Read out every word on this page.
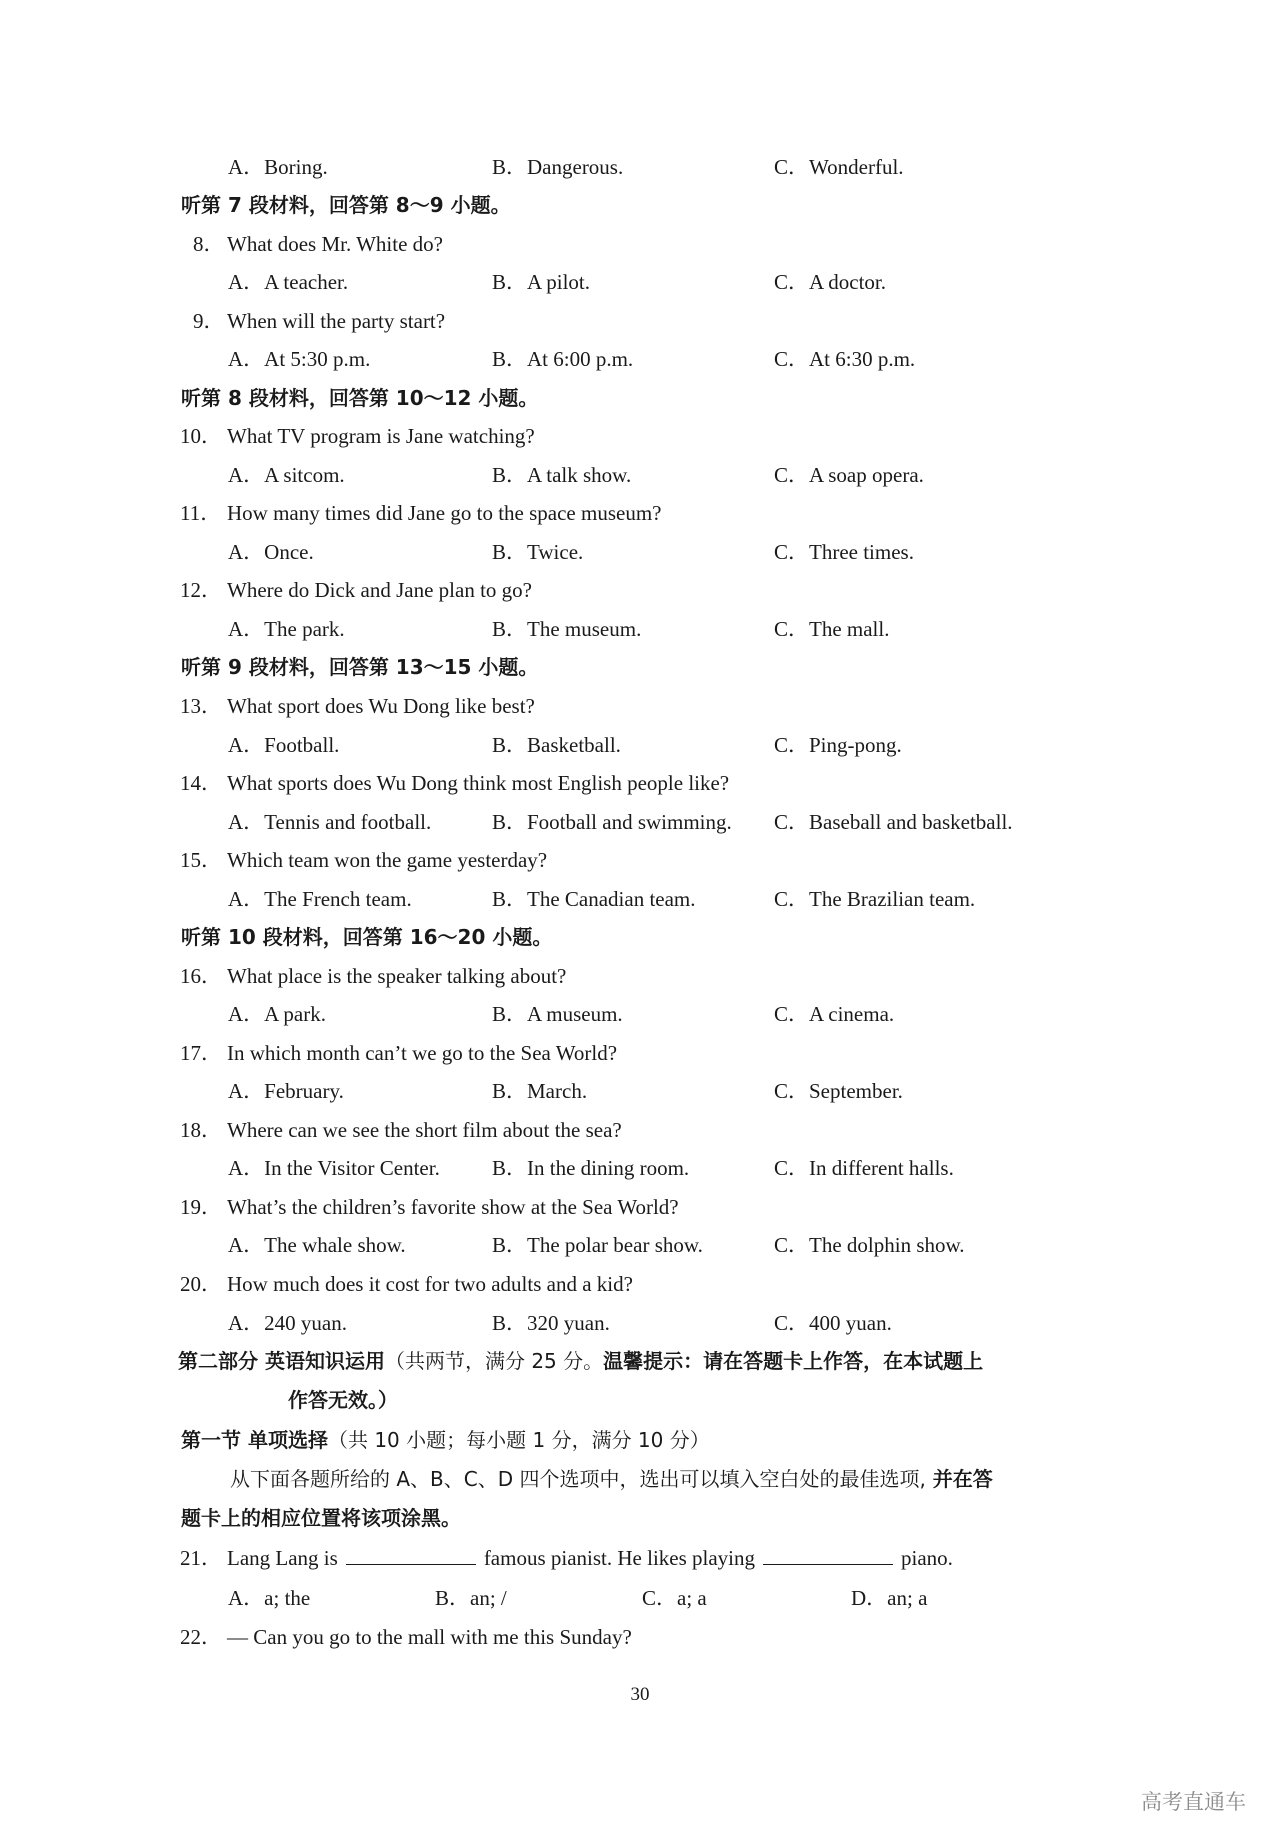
A．Boring.	B．Dangerous.	C．Wonderful.
听第 7 段材料，回答第 8～9 小题。
8． What does Mr. White do?
A．A teacher.	B．A pilot.	C．A doctor.
9． When will the party start?
A．At 5:30 p.m.	B．At 6:00 p.m.	C．At 6:30 p.m.
听第 8 段材料，回答第 10～12 小题。
10． What TV program is Jane watching?
A．A sitcom.	B．A talk show.	C．A soap opera.
11． How many times did Jane go to the space museum?
A．Once.	B．Twice.	C．Three times.
12． Where do Dick and Jane plan to go?
A．The park.	B．The museum.	C．The mall.
听第 9 段材料，回答第 13～15 小题。
13． What sport does Wu Dong like best?
A．Football.	B．Basketball.	C．Ping-pong.
14． What sports does Wu Dong think most English people like?
A．Tennis and football.	B．Football and swimming. C．Baseball and basketball.
15． Which team won the game yesterday?
A．The French team.	B．The Canadian team.	C．The Brazilian team.
听第 10 段材料，回答第 16～20 小题。
16． What place is the speaker talking about?
A．A park.	B．A museum.	C．A cinema.
17． In which month can’t we go to the Sea World?
A．February.	B．March.	C．September.
18． Where can we see the short film about the sea?
A．In the Visitor Center. B．In the dining room.	C．In different halls.
19． What’s the children’s favorite show at the Sea World?
A．The whale show.	B．The polar bear show.	C．The dolphin show.
20． How much does it cost for two adults and a kid?
A．240 yuan.	B．320 yuan.	C．400 yuan.
第二部分 英语知识运用（共两节，满分 25 分。温馨提示：请在答题卡上作答，在本试题上
作答无效。）
第一节 单项选择（共 10 小题；每小题 1 分，满分 10 分）
从下面各题所给的 A、B、C、D 四个选项中，选出可以填入空白处的最佳选项, 并在答
题卡上的相应位置将该项涂黑。
21． Lang Lang is	famous pianist. He likes playing	piano.
A．a; the	B．an; /	C．a; a	D．an; a
22． — Can you go to the mall with me this Sunday?
30
高考直通车
